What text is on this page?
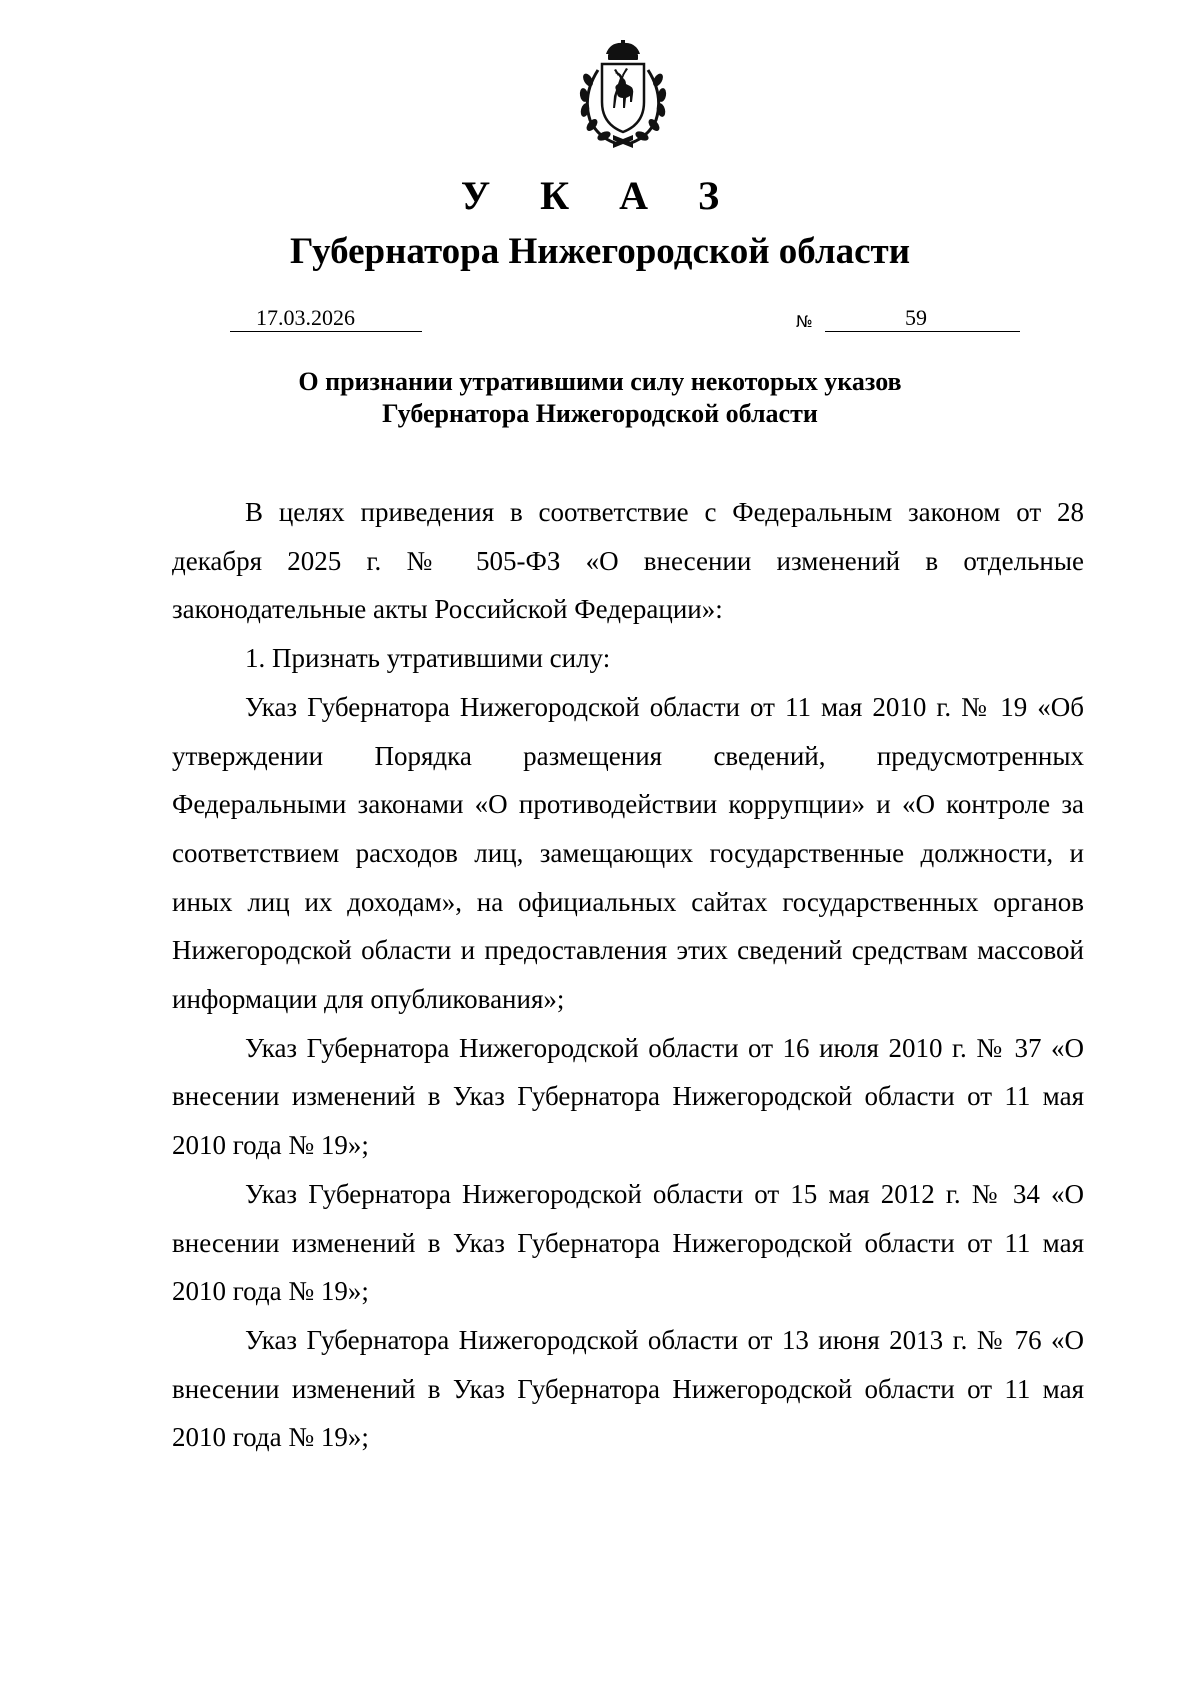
У К А З
Губернатора Нижегородской области
17.03.2026	№	59
О признании утратившими силу некоторых указов
Губернатора Нижегородской области

В целях приведения в соответствие с Федеральным законом от 28 декабря 2025 г. № 505-ФЗ «О внесении изменений в отдельные законодательные акты Российской Федерации»:

1. Признать утратившими силу:

Указ Губернатора Нижегородской области от 11 мая 2010 г. № 19 «Об утверждении Порядка размещения сведений, предусмотренных Федеральными законами «О противодействии коррупции» и «О контроле за соответствием расходов лиц, замещающих государственные должности, и иных лиц их доходам», на официальных сайтах государственных органов Нижегородской области и предоставления этих сведений средствам массовой информации для опубликования»;

Указ Губернатора Нижегородской области от 16 июля 2010 г. № 37 «О внесении изменений в Указ Губернатора Нижегородской области от 11 мая 2010 года № 19»;

Указ Губернатора Нижегородской области от 15 мая 2012 г. № 34 «О внесении изменений в Указ Губернатора Нижегородской области от 11 мая 2010 года № 19»;

Указ Губернатора Нижегородской области от 13 июня 2013 г. № 76 «О внесении изменений в Указ Губернатора Нижегородской области от 11 мая 2010 года № 19»;
